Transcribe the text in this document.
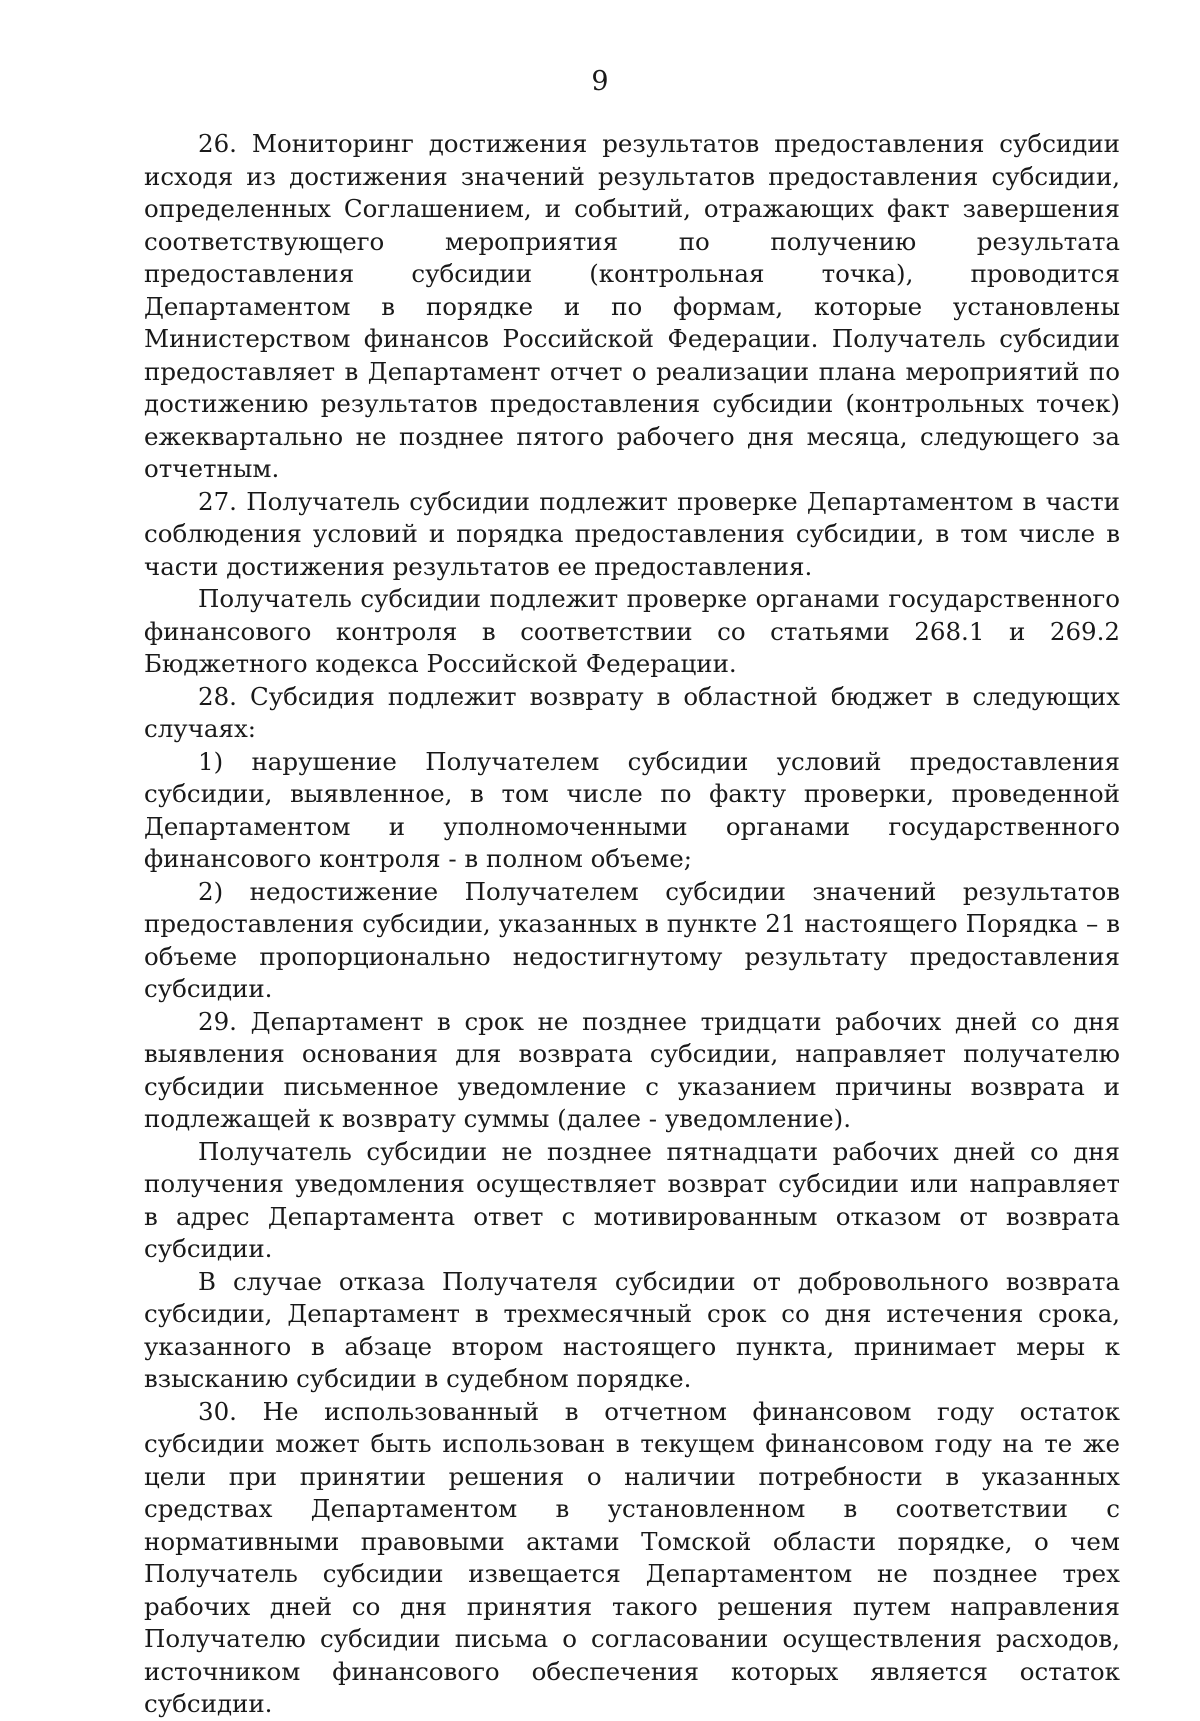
9

26. Мониторинг достижения результатов предоставления субсидии исходя из достижения значений результатов предоставления субсидии, определенных Соглашением, и событий, отражающих факт завершения соответствующего мероприятия по получению результата предоставления субсидии (контрольная точка), проводится Департаментом в порядке и по формам, которые установлены Министерством финансов Российской Федерации. Получатель субсидии предоставляет в Департамент отчет о реализации плана мероприятий по достижению результатов предоставления субсидии (контрольных точек) ежеквартально не позднее пятого рабочего дня месяца, следующего за отчетным.

27. Получатель субсидии подлежит проверке Департаментом в части соблюдения условий и порядка предоставления субсидии, в том числе в части достижения результатов ее предоставления.

Получатель субсидии подлежит проверке органами государственного финансового контроля в соответствии со статьями 268.1 и 269.2 Бюджетного кодекса Российской Федерации.

28. Субсидия подлежит возврату в областной бюджет в следующих случаях:

1) нарушение Получателем субсидии условий предоставления субсидии, выявленное, в том числе по факту проверки, проведенной Департаментом и уполномоченными органами государственного финансового контроля - в полном объеме;

2) недостижение Получателем субсидии значений результатов предоставления субсидии, указанных в пункте 21 настоящего Порядка – в объеме пропорционально недостигнутому результату предоставления субсидии.

29. Департамент в срок не позднее тридцати рабочих дней со дня выявления основания для возврата субсидии, направляет получателю субсидии письменное уведомление с указанием причины возврата и подлежащей к возврату суммы (далее - уведомление).

Получатель субсидии не позднее пятнадцати рабочих дней со дня получения уведомления осуществляет возврат субсидии или направляет в адрес Департамента ответ с мотивированным отказом от возврата субсидии.

В случае отказа Получателя субсидии от добровольного возврата субсидии, Департамент в трехмесячный срок со дня истечения срока, указанного в абзаце втором настоящего пункта, принимает меры к взысканию субсидии в судебном порядке.

30. Не использованный в отчетном финансовом году остаток субсидии может быть использован в текущем финансовом году на те же цели при принятии решения о наличии потребности в указанных средствах Департаментом в установленном в соответствии с нормативными правовыми актами Томской области порядке, о чем Получатель субсидии извещается Департаментом не позднее трех рабочих дней со дня принятия такого решения путем направления Получателю субсидии письма о согласовании осуществления расходов, источником финансового обеспечения которых является остаток субсидии.
